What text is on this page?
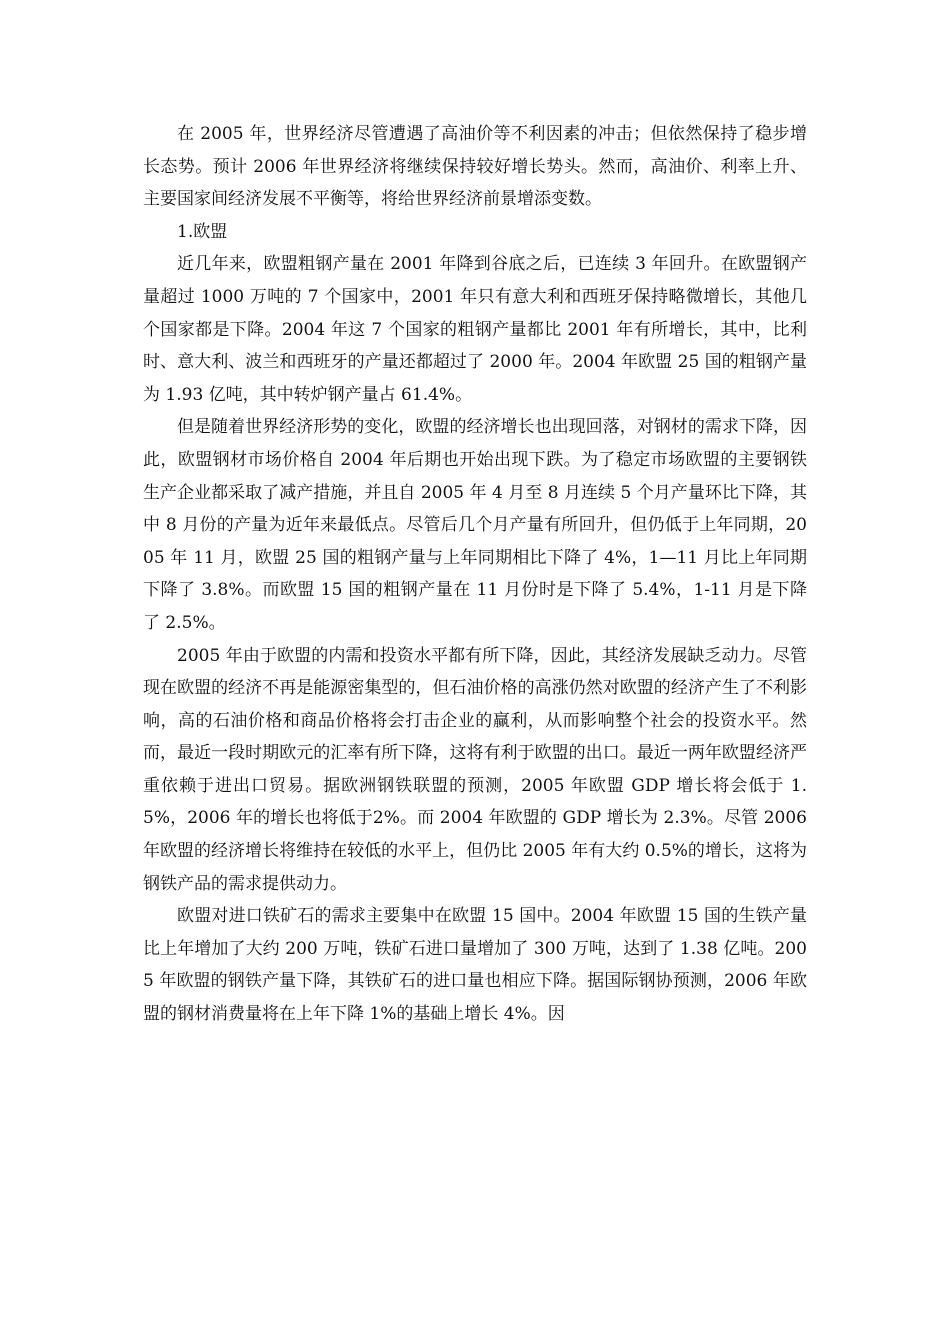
在 2005 年，世界经济尽管遭遇了高油价等不利因素的冲击；但依然保持了稳步增长态势。预计 2006 年世界经济将继续保持较好增长势头。然而，高油价、利率上升、主要国家间经济发展不平衡等，将给世界经济前景增添变数。

1.欧盟

近几年来，欧盟粗钢产量在 2001 年降到谷底之后，已连续 3 年回升。在欧盟钢产量超过 1000 万吨的 7 个国家中，2001 年只有意大利和西班牙保持略微增长，其他几个国家都是下降。2004 年这 7 个国家的粗钢产量都比 2001 年有所增长，其中，比利时、意大利、波兰和西班牙的产量还都超过了 2000 年。2004 年欧盟 25 国的粗钢产量为 1.93 亿吨，其中转炉钢产量占 61.4%。

但是随着世界经济形势的变化，欧盟的经济增长也出现回落，对钢材的需求下降，因此，欧盟钢材市场价格自 2004 年后期也开始出现下跌。为了稳定市场欧盟的主要钢铁生产企业都采取了减产措施，并且自 2005 年 4 月至 8 月连续 5 个月产量环比下降，其中 8 月份的产量为近年来最低点。尽管后几个月产量有所回升，但仍低于上年同期，2005 年 11 月，欧盟 25 国的粗钢产量与上年同期相比下降了 4%，1—11 月比上年同期下降了 3.8%。而欧盟 15 国的粗钢产量在 11 月份时是下降了 5.4%，1-11 月是下降了 2.5%。

2005 年由于欧盟的内需和投资水平都有所下降，因此，其经济发展缺乏动力。尽管现在欧盟的经济不再是能源密集型的，但石油价格的高涨仍然对欧盟的经济产生了不利影响，高的石油价格和商品价格将会打击企业的赢利，从而影响整个社会的投资水平。然而，最近一段时期欧元的汇率有所下降，这将有利于欧盟的出口。最近一两年欧盟经济严重依赖于进出口贸易。据欧洲钢铁联盟的预测，2005 年欧盟 GDP 增长将会低于 1.5%，2006 年的增长也将低于2%。而 2004 年欧盟的 GDP 增长为 2.3%。尽管 2006 年欧盟的经济增长将维持在较低的水平上，但仍比 2005 年有大约 0.5%的增长，这将为钢铁产品的需求提供动力。

欧盟对进口铁矿石的需求主要集中在欧盟 15 国中。2004 年欧盟 15 国的生铁产量比上年增加了大约 200 万吨，铁矿石进口量增加了 300 万吨，达到了 1.38 亿吨。2005 年欧盟的钢铁产量下降，其铁矿石的进口量也相应下降。据国际钢协预测，2006 年欧盟的钢材消费量将在上年下降 1%的基础上增长 4%。因
